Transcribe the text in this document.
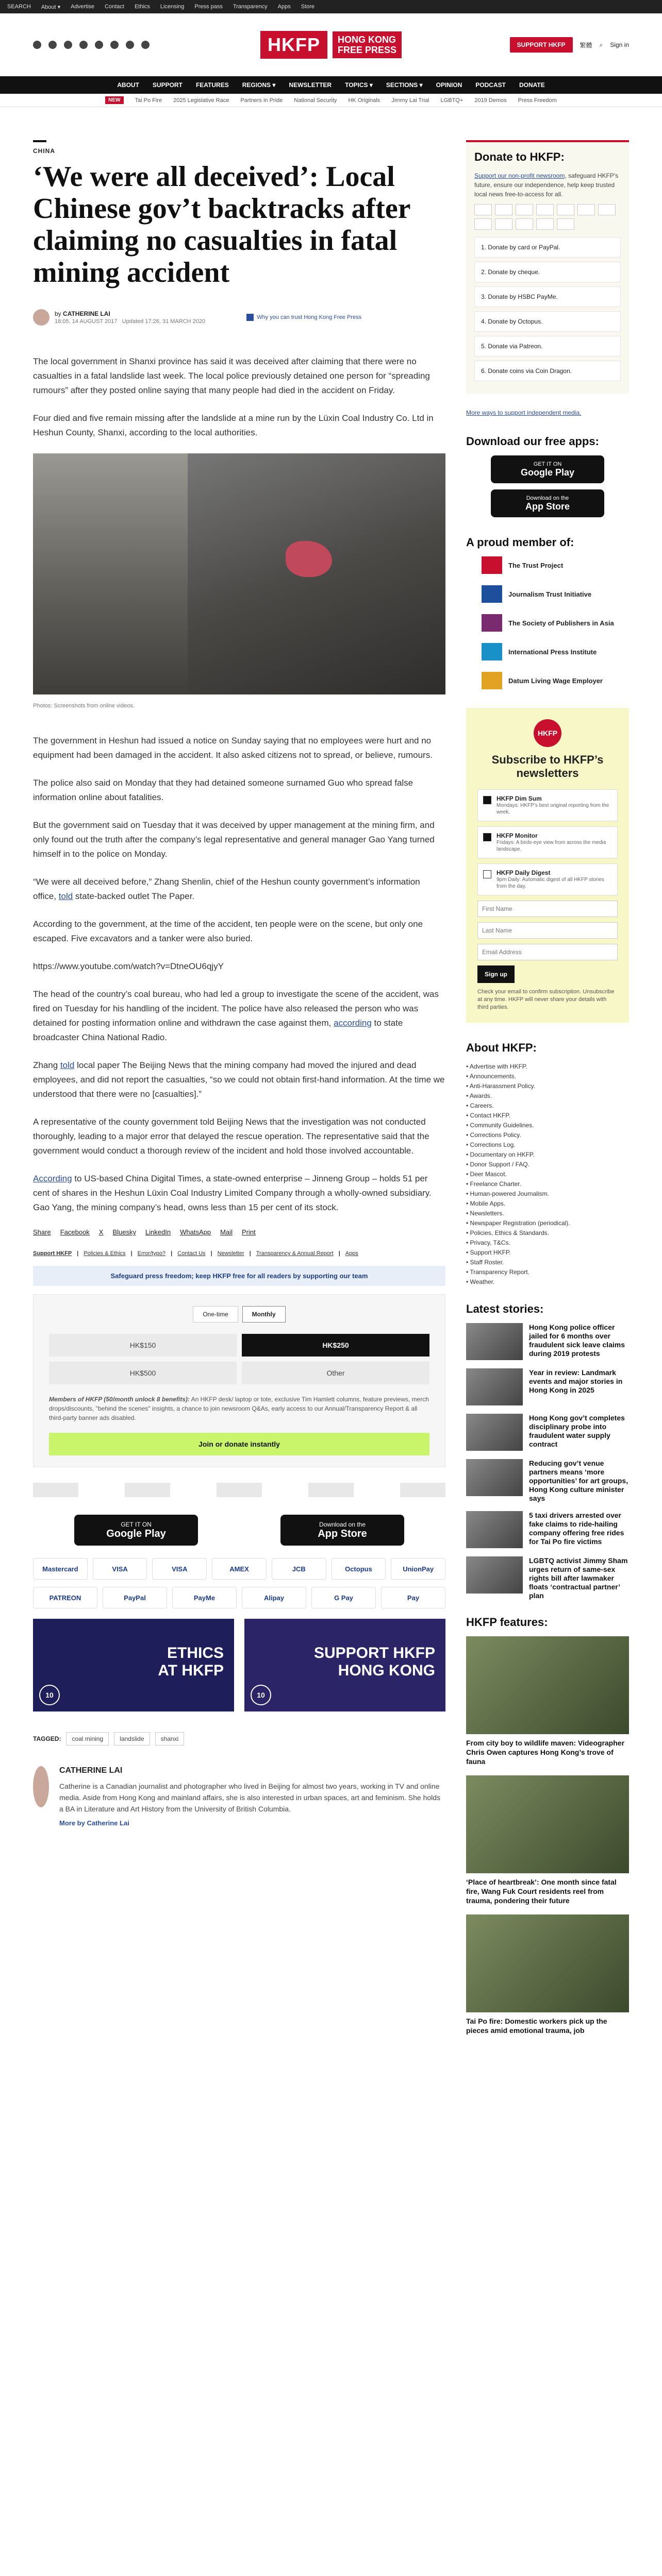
SEARCH About ▾ Advertise Contact Ethics Licensing Press pass Transparency Apps Store
HKFP	HONG KONG
FREE PRESS	SUPPORT HKFP	繁體 ⌕ Sign in
ABOUT SUPPORT FEATURES REGIONS ▾ NEWSLETTER TOPICS ▾ SECTIONS ▾ OPINION PODCAST DONATE
NEW	Tai Po Fire 2025 Legislative Race Partners in Pride National Security HK Originals Jimmy Lai Trial LGBTQ+ 2019 Demos Press Freedom
CHINA
‘We were all deceived’: Local Chinese gov’t backtracks after claiming no casualties in fatal mining accident
by CATHERINE LAI
18:05, 14 AUGUST 2017 Updated 17:26, 31 MARCH 2020
Why you can trust Hong Kong Free Press

The local government in Shanxi province has said it was deceived after claiming that there were no casualties in a fatal landslide last week. The local police previously detained one person for “spreading rumours” after they posted online saying that many people had died in the accident on Friday.

Four died and five remain missing after the landslide at a mine run by the Lüxin Coal Industry Co. Ltd in Heshun County, Shanxi, according to the local authorities.

Photos: Screenshots from online videos.

The government in Heshun had issued a notice on Sunday saying that no employees were hurt and no equipment had been damaged in the accident. It also asked citizens not to spread, or believe, rumours.

The police also said on Monday that they had detained someone surnamed Guo who spread false information online about fatalities.

But the government said on Tuesday that it was deceived by upper management at the mining firm, and only found out the truth after the company’s legal representative and general manager Gao Yang turned himself in to the police on Monday.

“We were all deceived before,” Zhang Shenlin, chief of the Heshun county government’s information office, told state-backed outlet The Paper.

According to the government, at the time of the accident, ten people were on the scene, but only one escaped. Five excavators and a tanker were also buried.

https://www.youtube.com/watch?v=DtneOU6qjyY

The head of the country’s coal bureau, who had led a group to investigate the scene of the accident, was fired on Tuesday for his handling of the incident. The police have also released the person who was detained for posting information online and withdrawn the case against them, according to state broadcaster China National Radio.

Zhang told local paper The Beijing News that the mining company had moved the injured and dead employees, and did not report the casualties, “so we could not obtain first-hand information. At the time we understood that there were no [casualties].”

A representative of the county government told Beijing News that the investigation was not conducted thoroughly, leading to a major error that delayed the rescue operation. The representative said that the government would conduct a thorough review of the incident and hold those involved accountable.

According to US-based China Digital Times, a state-owned enterprise – Jinneng Group – holds 51 per cent of shares in the Heshun Lüxin Coal Industry Limited Company through a wholly-owned subsidiary. Gao Yang, the mining company’s head, owns less than 15 per cent of its stock.

Share Facebook X Bluesky LinkedIn WhatsApp Mail Print
Support HKFP | Policies & Ethics | Error/typo? | Contact Us | Newsletter | Transparency & Annual Report | Apps
Safeguard press freedom; keep HKFP free for all readers by supporting our team
One-time	Monthly
HK$150	HK$250
HK$500	Other
Members of HKFP (50/month unlock 8 benefits): An HKFP desk/ laptop or tote, exclusive Tim Hamlett columns, feature previews, merch drops/discounts, "behind the scenes" insights, a chance to join newsroom Q&As, early access to our Annual/Transparency Report & all third-party banner ads disabled.
Join or donate instantly
GET IT ON
Google Play
Download on the
App Store
Mastercard	VISA	VISA	AMEX	JCB	Octopus	UnionPay
PATREON	PayPal	PayMe	Alipay	G Pay	Pay
ETHICS
AT HKFP
10
SUPPORT HKFP
HONG KONG
10
TAGGED:	coal mining	landslide	shanxi
CATHERINE LAI

Catherine is a Canadian journalist and photographer who lived in Beijing for almost two years, working in TV and online media. Aside from Hong Kong and mainland affairs, she is also interested in urban spaces, art and feminism. She holds a BA in Literature and Art History from the University of British Columbia.

More by Catherine Lai
Donate to HKFP:

Support our non-profit newsroom, safeguard HKFP’s future, ensure our independence, help keep trusted local news free-to-access for all.

1. Donate by card or PayPal.
2. Donate by cheque.
3. Donate by HSBC PayMe.
4. Donate by Octopus.
5. Donate via Patreon.
6. Donate coins via Coin Dragon.
More ways to support independent media.
Download our free apps:
GET IT ON
Google Play
Download on the
App Store
A proud member of:
The Trust Project
Journalism Trust Initiative
The Society of Publishers in Asia
International Press Institute
Datum Living Wage Employer
HKFP
Subscribe to HKFP’s newsletters
HKFP Dim Sum
Mondays: HKFP’s best original reporting from the week.
HKFP Monitor
Fridays: A birds-eye view from across the media landscape.
HKFP Daily Digest
9pm Daily: Automatic digest of all HKFP stories from the day.
First Name Last Name Email Address Sign up
Check your email to confirm subscription. Unsubscribe at any time. HKFP will never share your details with third parties.
About HKFP:
• Advertise with HKFP.
• Announcements.
• Anti-Harassment Policy.
• Awards.
• Careers.
• Contact HKFP.
• Community Guidelines.
• Corrections Policy.
• Corrections Log.
• Documentary on HKFP.
• Donor Support / FAQ.
• Deer Mascot.
• Freelance Charter.
• Human-powered Journalism.
• Mobile Apps.
• Newsletters.
• Newspaper Registration (periodical).
• Policies, Ethics & Standards.
• Privacy, T&Cs.
• Support HKFP.
• Staff Roster.
• Transparency Report.
• Weather.
Latest stories:

Hong Kong police officer jailed for 6 months over fraudulent sick leave claims during 2019 protests

Year in review: Landmark events and major stories in Hong Kong in 2025

Hong Kong gov’t completes disciplinary probe into fraudulent water supply contract

Reducing gov’t venue partners means ‘more opportunities’ for art groups, Hong Kong culture minister says

5 taxi drivers arrested over fake claims to ride-hailing company offering free rides for Tai Po fire victims

LGBTQ activist Jimmy Sham urges return of same-sex rights bill after lawmaker floats ‘contractual partner’ plan

HKFP features:

From city boy to wildlife maven: Videographer Chris Owen captures Hong Kong’s trove of fauna

‘Place of heartbreak’: One month since fatal fire, Wang Fuk Court residents reel from trauma, pondering their future

Tai Po fire: Domestic workers pick up the pieces amid emotional trauma, job
